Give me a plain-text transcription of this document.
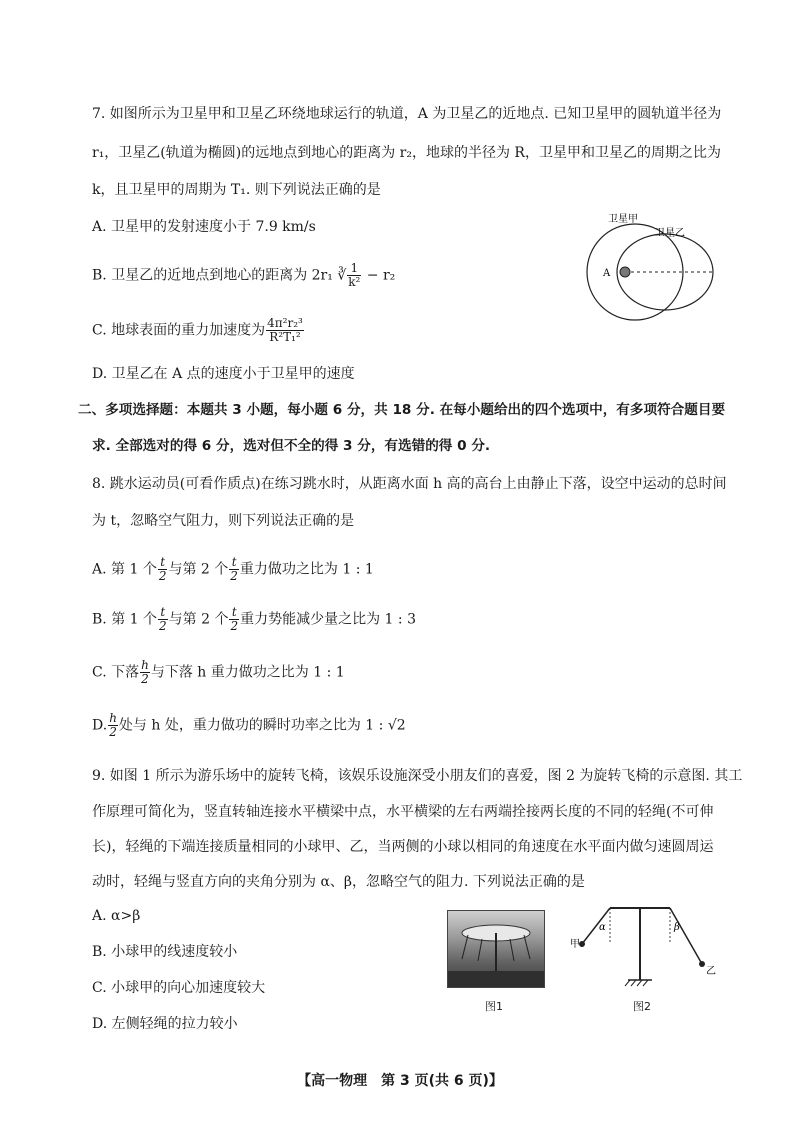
7. 如图所示为卫星甲和卫星乙环绕地球运行的轨道，A 为卫星乙的近地点. 已知卫星甲的圆轨道半径为
r₁，卫星乙(轨道为椭圆)的远地点到地心的距离为 r₂，地球的半径为 R，卫星甲和卫星乙的周期之比为
k，且卫星甲的周期为 T₁. 则下列说法正确的是
A. 卫星甲的发射速度小于 7.9 km/s
B. 卫星乙的近地点到地心的距离为 2r₁ ∛ $\frac{1}{\text{k²}} - r_2$
C. 地球表面的重力加速度为 $\frac{\text{4π²r₂³}}{\text{R²T₁²}}$
D. 卫星乙在 A 点的速度小于卫星甲的速度
A
卫星甲
卫星乙
二、多项选择题：本题共 3 小题，每小题 6 分，共 18 分. 在每小题给出的四个选项中，有多项符合题目要
求. 全部选对的得 6 分，选对但不全的得 3 分，有选错的得 0 分.
8. 跳水运动员(可看作质点)在练习跳水时，从距离水面 h 高的高台上由静止下落，设空中运动的总时间
为 t，忽略空气阻力，则下列说法正确的是
A. 第 1 个 $\frac{t}{2}$ 与第 2 个 $\frac{t}{2}$ 重力做功之比为 1 : 1
B. 第 1 个 $\frac{t}{2}$ 与第 2 个 $\frac{t}{2}$ 重力势能减少量之比为 1 : 3
C. 下落 $\frac{h}{2}$ 与下落 h 重力做功之比为 1 : 1
D. $\frac{h}{2}$ 处与 h 处，重力做功的瞬时功率之比为 1 : √2
9. 如图 1 所示为游乐场中的旋转飞椅，该娱乐设施深受小朋友们的喜爱，图 2 为旋转飞椅的示意图. 其工
作原理可简化为，竖直转轴连接水平横梁中点，水平横梁的左右两端拴接两长度的不同的轻绳(不可伸
长)，轻绳的下端连接质量相同的小球甲、乙，当两侧的小球以相同的角速度在水平面内做匀速圆周运
动时，轻绳与竖直方向的夹角分别为 α、β，忽略空气的阻力. 下列说法正确的是
A. α>β
B. 小球甲的线速度较小
C. 小球甲的向心加速度较大
D. 左侧轻绳的拉力较小
图1
甲
乙
α	β
图2
【高一物理　第 3 页(共 6 页)】
